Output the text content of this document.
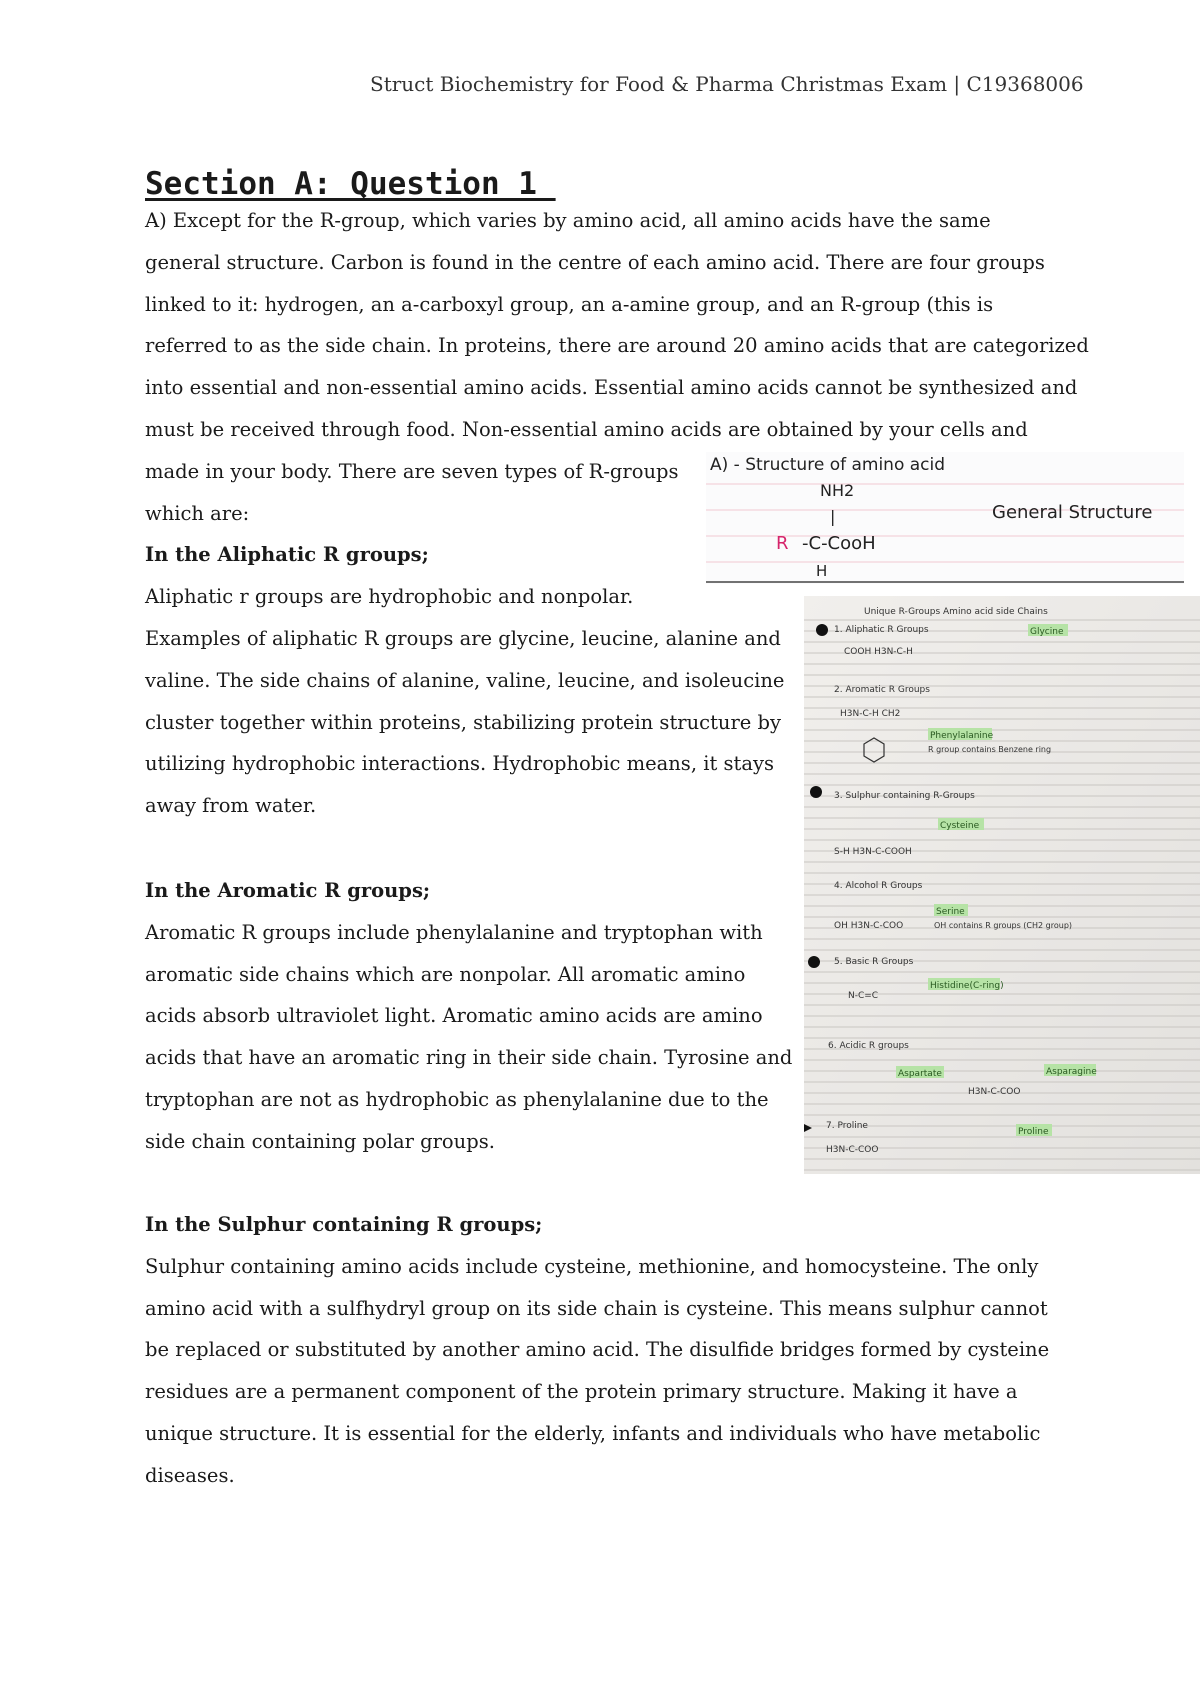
Struct Biochemistry for Food & Pharma Christmas Exam | C19368006
Section A: Question 1
A) Except for the R-group, which varies by amino acid, all amino acids have the same
general structure. Carbon is found in the centre of each amino acid. There are four groups
linked to it: hydrogen, an a-carboxyl group, an a-amine group, and an R-group (this is
referred to as the side chain. In proteins, there are around 20 amino acids that are categorized
into essential and non-essential amino acids. Essential amino acids cannot be synthesized and
must be received through food. Non-essential amino acids are obtained by your cells and
made in your body. There are seven types of R-groups
which are:
In the Aliphatic R groups;
Aliphatic r groups are hydrophobic and nonpolar.
Examples of aliphatic R groups are glycine, leucine, alanine and
valine. The side chains of alanine, valine, leucine, and isoleucine
cluster together within proteins, stabilizing protein structure by
utilizing hydrophobic interactions. Hydrophobic means, it stays
away from water.
In the Aromatic R groups;
Aromatic R groups include phenylalanine and tryptophan with
aromatic side chains which are nonpolar. All aromatic amino
acids absorb ultraviolet light. Aromatic amino acids are amino
acids that have an aromatic ring in their side chain. Tyrosine and
tryptophan are not as hydrophobic as phenylalanine due to the
side chain containing polar groups.
In the Sulphur containing R groups;
Sulphur containing amino acids include cysteine, methionine, and homocysteine. The only
amino acid with a sulfhydryl group on its side chain is cysteine. This means sulphur cannot
be replaced or substituted by another amino acid. The disulfide bridges formed by cysteine
residues are a permanent component of the protein primary structure. Making it have a
unique structure. It is essential for the elderly, infants and individuals who have metabolic
diseases.
A) - Structure of amino acid
NH2
|
R -C-CooH
H
General Structure
Unique R-Groups Amino acid side Chains
1. Aliphatic R Groups
COOH H3N-C-H
Glycine
2. Aromatic R Groups
H3N-C-H CH2
Phenylalanine
R group contains Benzene ring
3. Sulphur containing R-Groups
S-H H3N-C-COOH
Cysteine
4. Alcohol R Groups
OH H3N-C-COO
Serine
OH contains R groups (CH2 group)
5. Basic R Groups
N-C=C
Histidine(C-ring)
6. Acidic R groups
H3N-C-COO
Aspartate	Asparagine
7. Proline
H3N-C-COO
Proline
